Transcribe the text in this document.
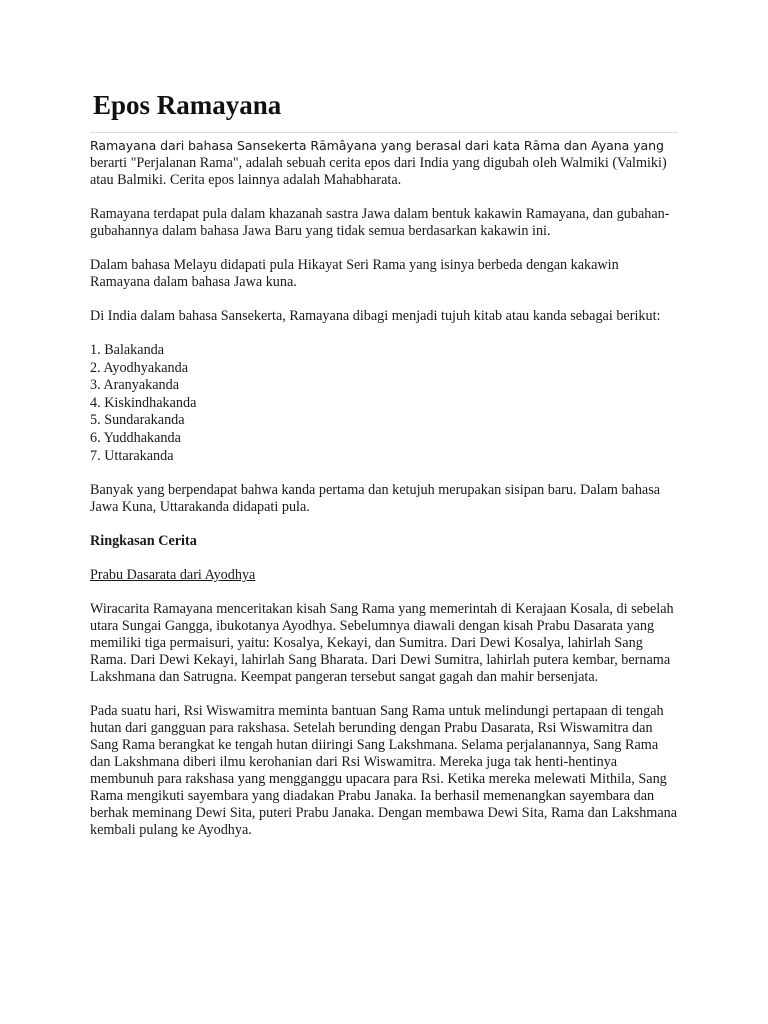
Epos Ramayana

Ramayana dari bahasa Sansekerta Rāmâyana yang berasal dari kata Rāma dan Ayana yang berarti "Perjalanan Rama", adalah sebuah cerita epos dari India yang digubah oleh Walmiki (Valmiki) atau Balmiki. Cerita epos lainnya adalah Mahabharata.

Ramayana terdapat pula dalam khazanah sastra Jawa dalam bentuk kakawin Ramayana, dan gubahan-gubahannya dalam bahasa Jawa Baru yang tidak semua berdasarkan kakawin ini.

Dalam bahasa Melayu didapati pula Hikayat Seri Rama yang isinya berbeda dengan kakawin Ramayana dalam bahasa Jawa kuna.

Di India dalam bahasa Sansekerta, Ramayana dibagi menjadi tujuh kitab atau kanda sebagai berikut:

1. Balakanda
2. Ayodhyakanda
3. Aranyakanda
4. Kiskindhakanda
5. Sundarakanda
6. Yuddhakanda
7. Uttarakanda

Banyak yang berpendapat bahwa kanda pertama dan ketujuh merupakan sisipan baru. Dalam bahasa Jawa Kuna, Uttarakanda didapati pula.

Ringkasan Cerita

Prabu Dasarata dari Ayodhya

Wiracarita Ramayana menceritakan kisah Sang Rama yang memerintah di Kerajaan Kosala, di sebelah utara Sungai Gangga, ibukotanya Ayodhya. Sebelumnya diawali dengan kisah Prabu Dasarata yang memiliki tiga permaisuri, yaitu: Kosalya, Kekayi, dan Sumitra. Dari Dewi Kosalya, lahirlah Sang Rama. Dari Dewi Kekayi, lahirlah Sang Bharata. Dari Dewi Sumitra, lahirlah putera kembar, bernama Lakshmana dan Satrugna. Keempat pangeran tersebut sangat gagah dan mahir bersenjata.

Pada suatu hari, Rsi Wiswamitra meminta bantuan Sang Rama untuk melindungi pertapaan di tengah hutan dari gangguan para rakshasa. Setelah berunding dengan Prabu Dasarata, Rsi Wiswamitra dan Sang Rama berangkat ke tengah hutan diiringi Sang Lakshmana. Selama perjalanannya, Sang Rama dan Lakshmana diberi ilmu kerohanian dari Rsi Wiswamitra. Mereka juga tak henti-hentinya membunuh para rakshasa yang mengganggu upacara para Rsi. Ketika mereka melewati Mithila, Sang Rama mengikuti sayembara yang diadakan Prabu Janaka. Ia berhasil memenangkan sayembara dan berhak meminang Dewi Sita, puteri Prabu Janaka. Dengan membawa Dewi Sita, Rama dan Lakshmana kembali pulang ke Ayodhya.
